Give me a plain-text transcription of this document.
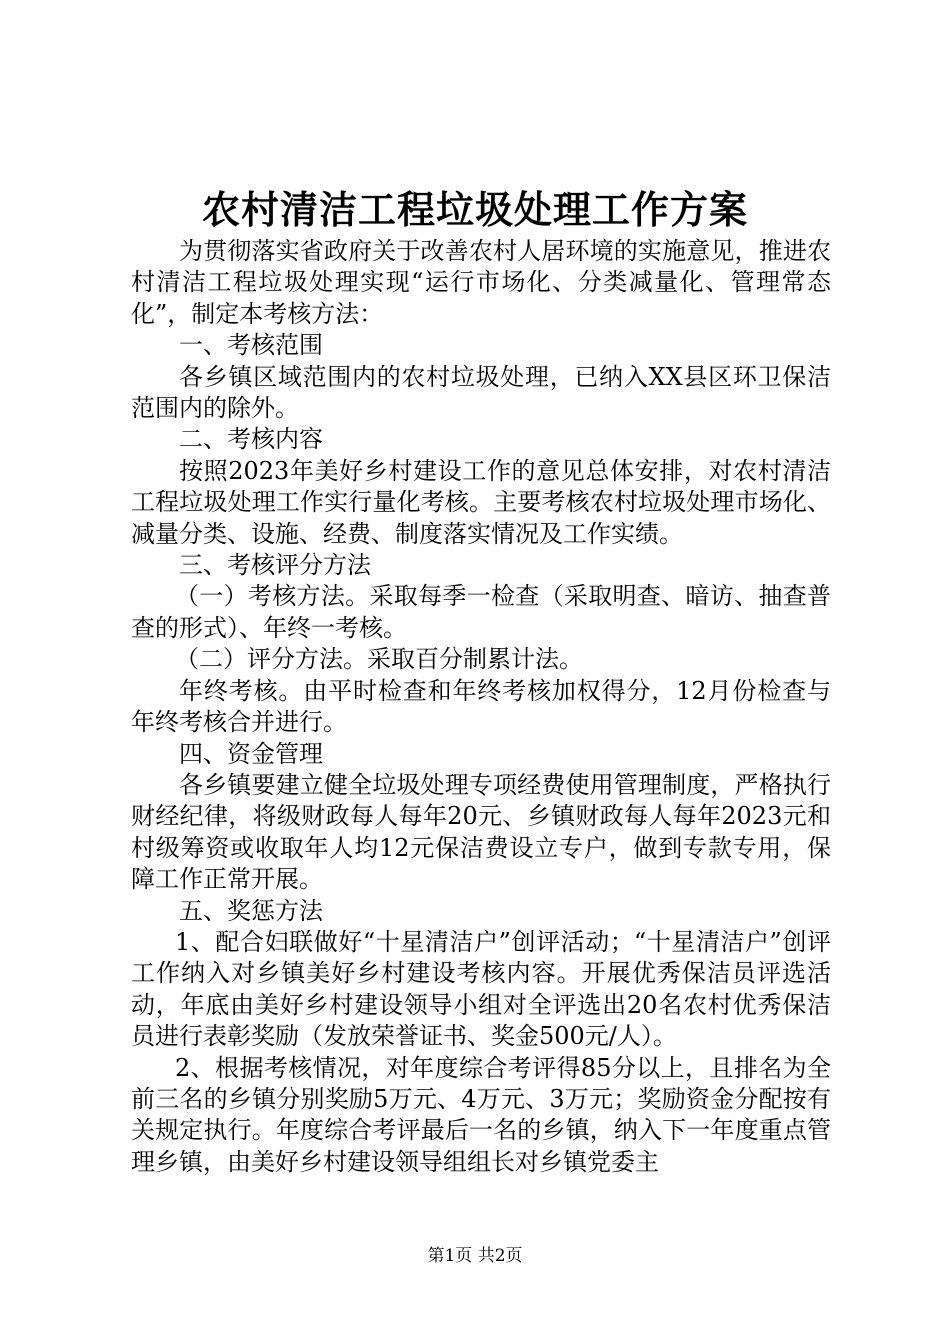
农村清洁工程垃圾处理工作方案

为贯彻落实省政府关于改善农村人居环境的实施意见，推进农村清洁工程垃圾处理实现“运行市场化、分类减量化、管理常态化”，制定本考核方法：

一、考核范围

各乡镇区域范围内的农村垃圾处理，已纳入XX县区环卫保洁范围内的除外。

二、考核内容

按照2023年美好乡村建设工作的意见总体安排，对农村清洁工程垃圾处理工作实行量化考核。主要考核农村垃圾处理市场化、减量分类、设施、经费、制度落实情况及工作实绩。

三、考核评分方法

（一）考核方法。采取每季一检查（采取明查、暗访、抽查普查的形式）、年终一考核。

（二）评分方法。采取百分制累计法。

年终考核。由平时检查和年终考核加权得分，12月份检查与年终考核合并进行。

四、资金管理

各乡镇要建立健全垃圾处理专项经费使用管理制度，严格执行财经纪律，将级财政每人每年20元、乡镇财政每人每年2023元和村级筹资或收取年人均12元保洁费设立专户，做到专款专用，保障工作正常开展。

五、奖惩方法

1、配合妇联做好“十星清洁户”创评活动；“十星清洁户”创评工作纳入对乡镇美好乡村建设考核内容。开展优秀保洁员评选活动，年底由美好乡村建设领导小组对全评选出20名农村优秀保洁员进行表彰奖励（发放荣誉证书、奖金500元/人）。

2、根据考核情况，对年度综合考评得85分以上，且排名为全前三名的乡镇分别奖励5万元、4万元、3万元；奖励资金分配按有关规定执行。年度综合考评最后一名的乡镇，纳入下一年度重点管理乡镇，由美好乡村建设领导组组长对乡镇党委主

第1页 共2页
